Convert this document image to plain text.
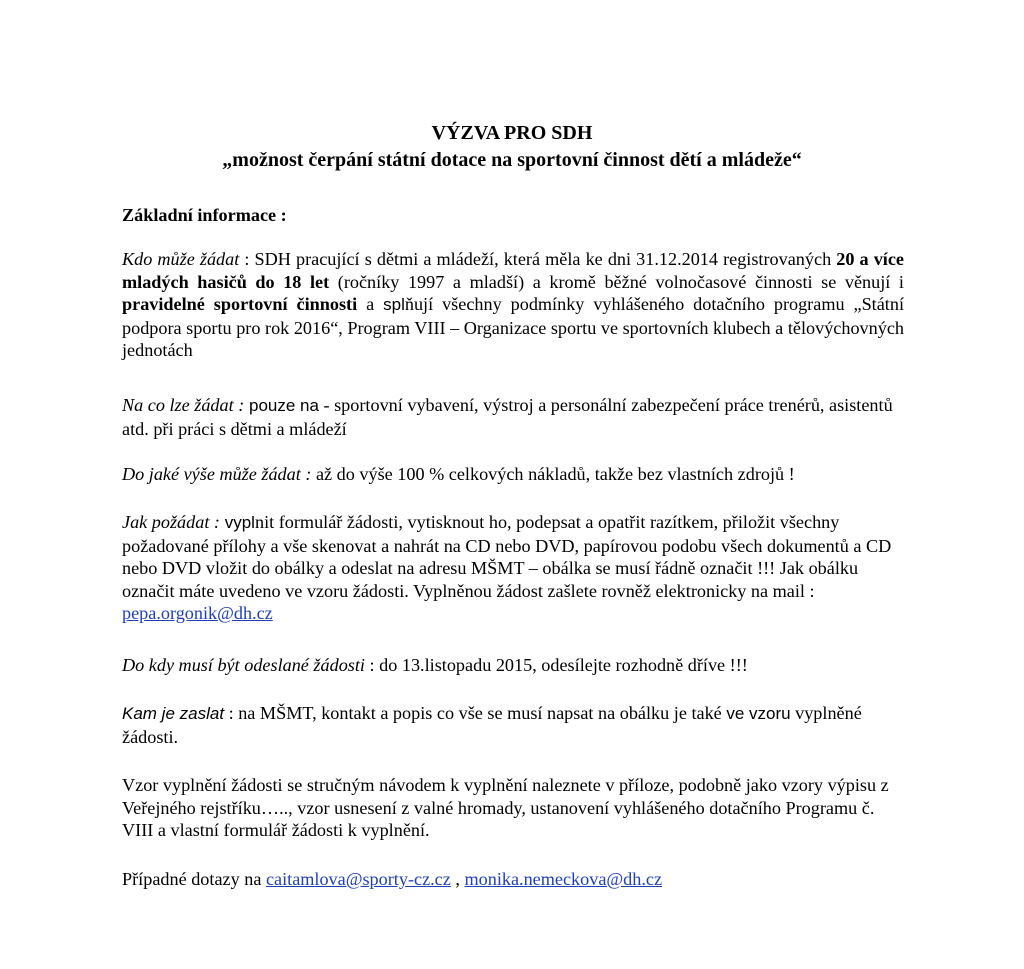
VÝZVA PRO SDH
„možnost čerpání státní dotace na sportovní činnost dětí a mládeže“
Základní informace :

Kdo může žádat : SDH pracující s dětmi a mládeží, která měla ke dni 31.12.2014 registrovaných 20 a více mladých hasičů do 18 let (ročníky 1997 a mladší) a kromě běžné volnočasové činnosti se věnují i pravidelné sportovní činnosti a splňují všechny podmínky vyhlášeného dotačního programu „Státní podpora sportu pro rok 2016“, Program VIII – Organizace sportu ve sportovních klubech a tělovýchovných jednotách

Na co lze žádat : pouze na - sportovní vybavení, výstroj a personální zabezpečení práce trenérů, asistentů atd. při práci s dětmi a mládeží

Do jaké výše může žádat : až do výše 100 % celkových nákladů, takže bez vlastních zdrojů !

Jak požádat : vyplnit formulář žádosti, vytisknout ho, podepsat a opatřit razítkem, přiložit všechny požadované přílohy a vše skenovat a nahrát na CD nebo DVD, papírovou podobu všech dokumentů a CD nebo DVD vložit do obálky a odeslat na adresu MŠMT – obálka se musí řádně označit !!! Jak obálku označit máte uvedeno ve vzoru žádosti. Vyplněnou žádost zašlete rovněž elektronicky na mail : pepa.orgonik@dh.cz

Do kdy musí být odeslané žádosti : do 13.listopadu 2015, odesílejte rozhodně dříve !!!

Kam je zaslat : na MŠMT, kontakt a popis co vše se musí napsat na obálku je také ve vzoru vyplněné žádosti.

Vzor vyplnění žádosti se stručným návodem k vyplnění naleznete v příloze, podobně jako vzory výpisu z Veřejného rejstříku….., vzor usnesení z valné hromady, ustanovení vyhlášeného dotačního Programu č. VIII a vlastní formulář žádosti k vyplnění.

Případné dotazy na caitamlova@sporty-cz.cz , monika.nemeckova@dh.cz
